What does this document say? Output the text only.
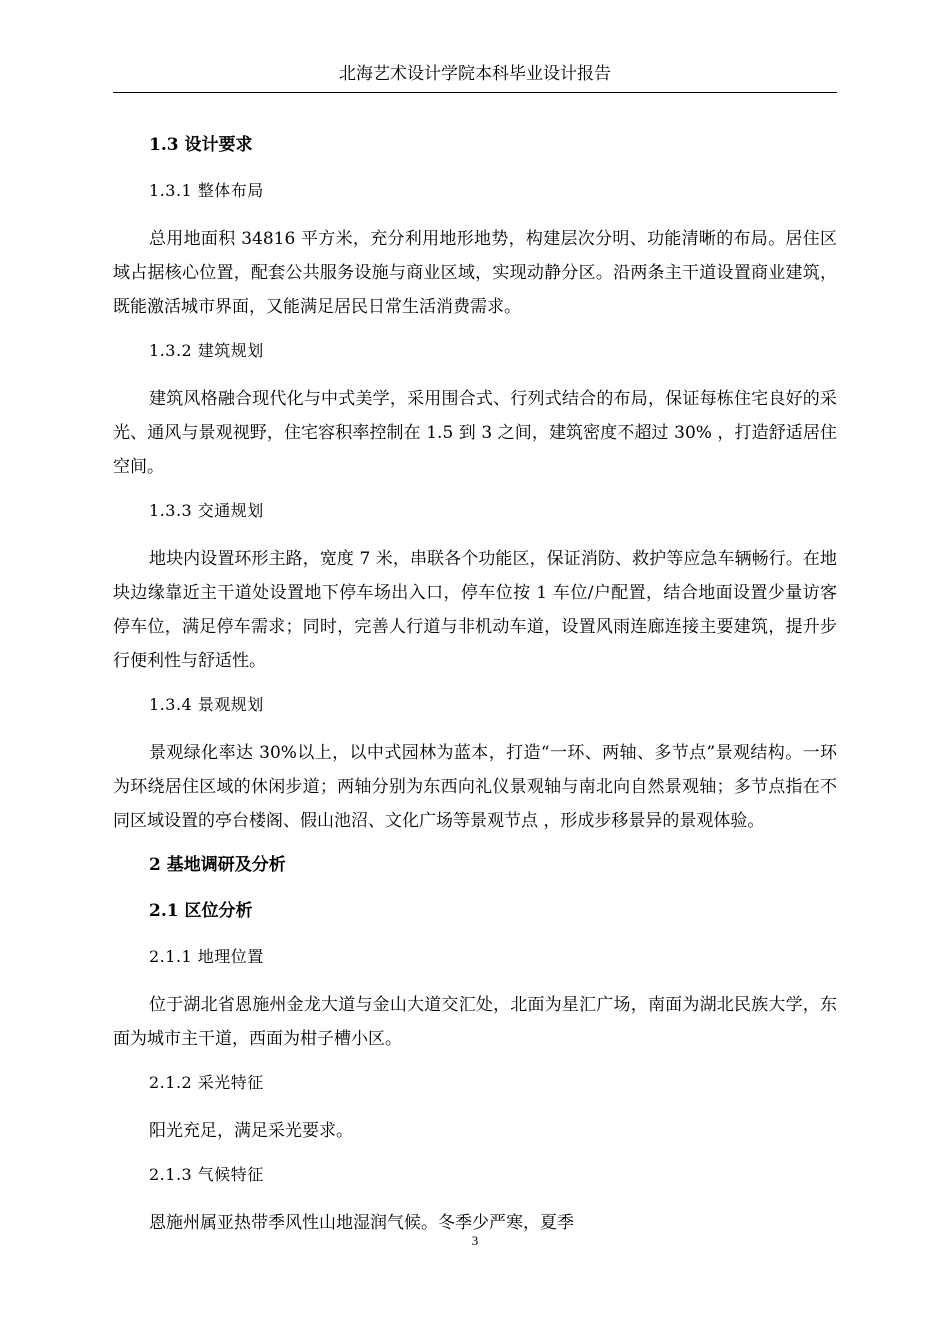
北海艺术设计学院本科毕业设计报告
1.3 设计要求
1.3.1 整体布局

总用地面积 34816 平方米，充分利用地形地势，构建层次分明、功能清晰的布局。居住区域占据核心位置，配套公共服务设施与商业区域，实现动静分区。沿两条主干道设置商业建筑，既能激活城市界面，又能满足居民日常生活消费需求。

1.3.2 建筑规划

建筑风格融合现代化与中式美学，采用围合式、行列式结合的布局，保证每栋住宅良好的采光、通风与景观视野，住宅容积率控制在 1.5 到 3 之间，建筑密度不超过 30% ，打造舒适居住空间。

1.3.3 交通规划

地块内设置环形主路，宽度 7 米，串联各个功能区，保证消防、救护等应急车辆畅行。在地块边缘靠近主干道处设置地下停车场出入口，停车位按 1 车位/户配置，结合地面设置少量访客停车位，满足停车需求；同时，完善人行道与非机动车道，设置风雨连廊连接主要建筑，提升步行便利性与舒适性。

1.3.4 景观规划

景观绿化率达 30%以上，以中式园林为蓝本，打造“一环、两轴、多节点”景观结构。一环为环绕居住区域的休闲步道；两轴分别为东西向礼仪景观轴与南北向自然景观轴；多节点指在不同区域设置的亭台楼阁、假山池沼、文化广场等景观节点 ，形成步移景异的景观体验。

2 基地调研及分析
2.1 区位分析
2.1.1 地理位置

位于湖北省恩施州金龙大道与金山大道交汇处，北面为星汇广场，南面为湖北民族大学，东面为城市主干道，西面为柑子槽小区。

2.1.2 采光特征

阳光充足，满足采光要求。

2.1.3 气候特征

恩施州属亚热带季风性山地湿润气候。冬季少严寒，夏季

3
